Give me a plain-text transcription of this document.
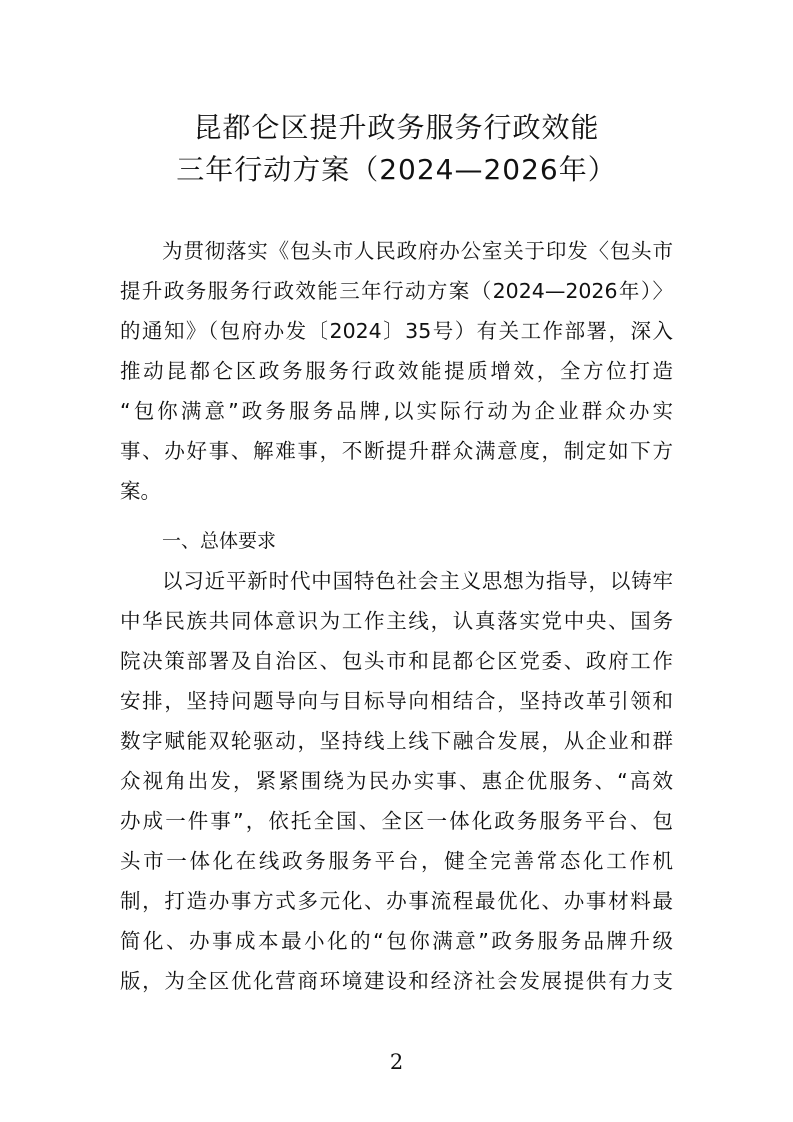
昆都仑区提升政务服务行政效能
三年行动方案（2024—2026年）
为贯彻落实《包头市人民政府办公室关于印发〈包头市
提升政务服务行政效能三年行动方案（2024—2026年）〉
的通知》（包府办发〔2024〕35号）有关工作部署，深入
推动昆都仑区政务服务行政效能提质增效，全方位打造
“包你满意”政务服务品牌,以实际行动为企业群众办实
事、办好事、解难事，不断提升群众满意度，制定如下方
案。
一、总体要求
以习近平新时代中国特色社会主义思想为指导，以铸牢
中华民族共同体意识为工作主线，认真落实党中央、国务
院决策部署及自治区、包头市和昆都仑区党委、政府工作
安排，坚持问题导向与目标导向相结合，坚持改革引领和
数字赋能双轮驱动，坚持线上线下融合发展，从企业和群
众视角出发，紧紧围绕为民办实事、惠企优服务、“高效
办成一件事”，依托全国、全区一体化政务服务平台、包
头市一体化在线政务服务平台，健全完善常态化工作机
制，打造办事方式多元化、办事流程最优化、办事材料最
简化、办事成本最小化的“包你满意”政务服务品牌升级
版，为全区优化营商环境建设和经济社会发展提供有力支
2
